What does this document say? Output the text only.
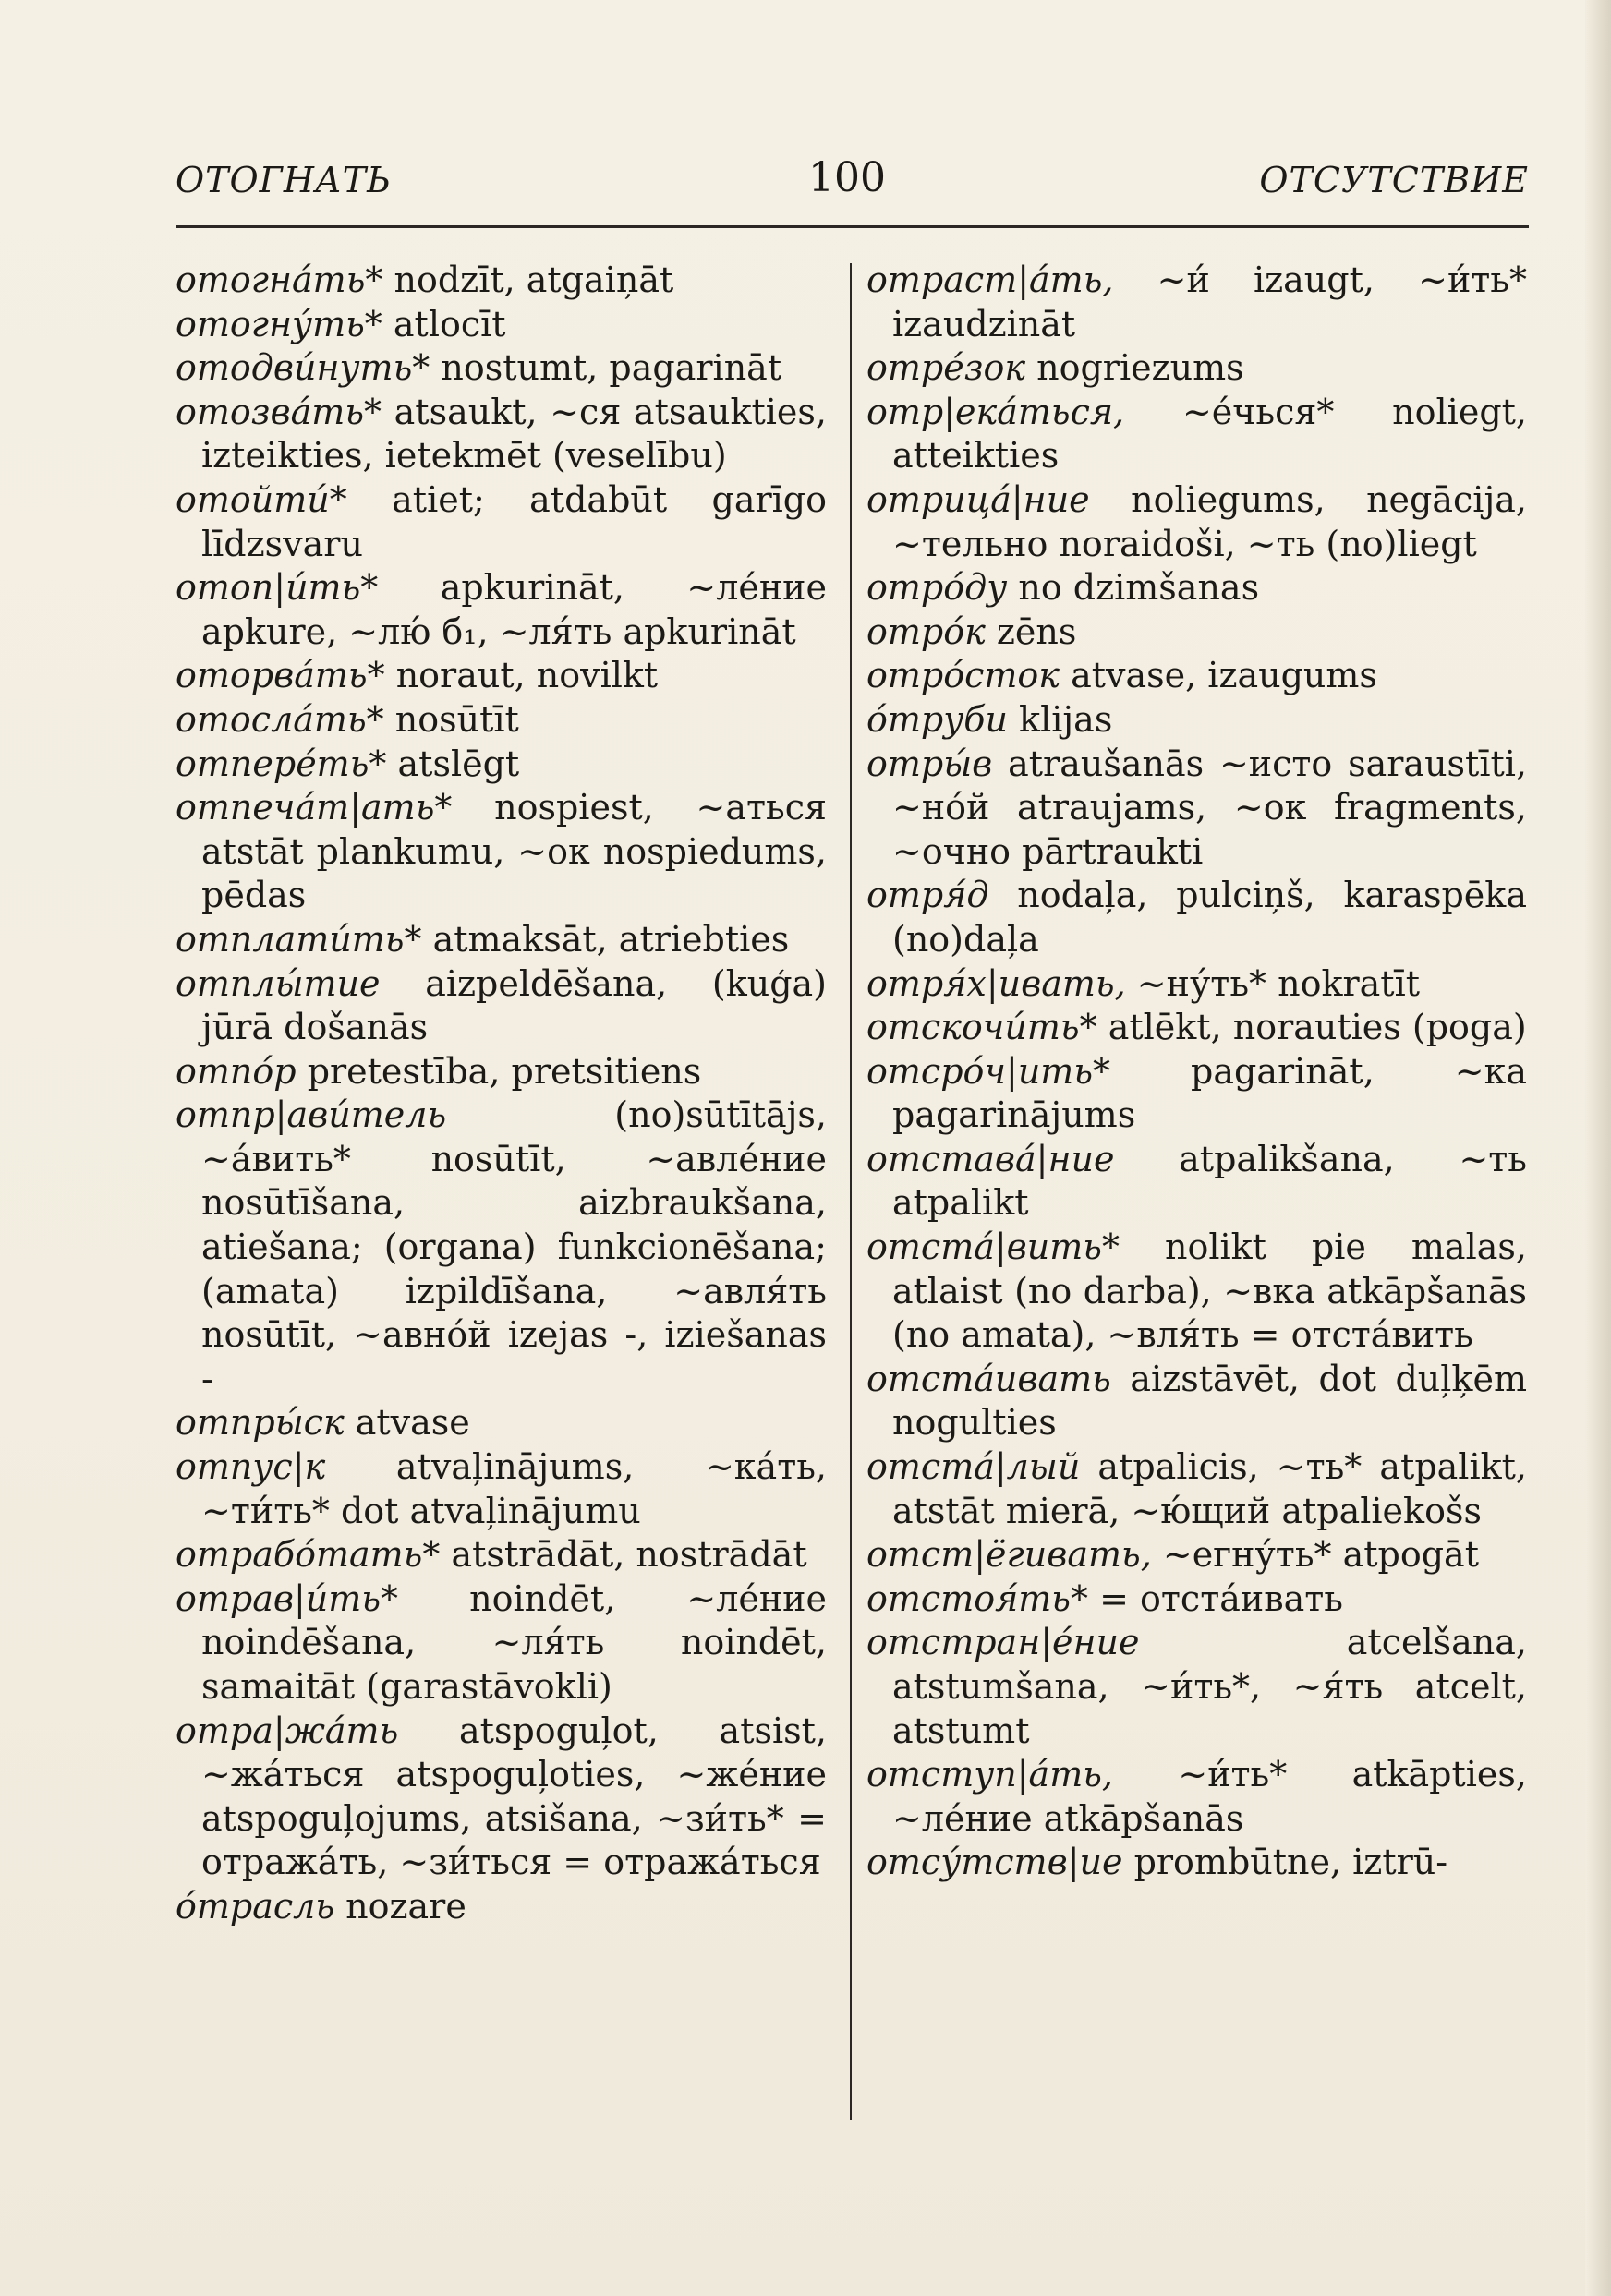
ОТОГНАТЬ	100	ОТСУТСТВИЕ

отогна́ть* nodzīt, atgaiņāt

отогну́ть* atlocīt

отодви́нуть* nostumt, pagarināt

отозва́ть* atsaukt, ~ся atsaukties, izteikties, ietekmēt (veselību)

отойти́* atiet; atdabūt garīgo līdzsvaru

отоп|и́ть* apkurināt, ~ле́ние apkure, ~лю́ б₁, ~ля́ть apkurināt

оторва́ть* noraut, novilkt

отосла́ть* nosūtīt

отпере́ть* atslēgt

отпеча́т|ать* nospiest, ~аться atstāt plankumu, ~ок nospiedums, pēdas

отплати́ть* atmaksāt, atriebties

отплы́тие aizpeldēšana, (kuģa) jūrā došanās

отпо́р pretestība, pretsitiens

отпр|ави́тель	(no)sūtītājs, ~а́вить* nosūtīt, ~авле́ние nosūtīšana, aizbraukšana, atiešana; (organa) funkcionēšana; (amata) izpildīšana, ~авля́ть nosūtīt, ~авно́й izejas -, iziešanas -

отпры́ск atvase

отпус|к atvaļinājums, ~ка́ть, ~ти́ть* dot atvaļinājumu

отрабо́тать* atstrādāt, nostrādāt

отрав|и́ть* noindēt, ~ле́ние noindēšana, ~ля́ть noindēt, samaitāt (garastāvokli)

отра|жа́ть atspoguļot, atsist, ~жа́ться atspoguļoties, ~же́ние atspoguļojums, atsišana, ~зи́ть* = отража́ть, ~зи́ться = отража́ться

о́трасль nozare

отраст|а́ть, ~и́ izaugt, ~и́ть* izaudzināt

отре́зок nogriezums

отр|ека́ться, ~е́чься* noliegt, atteikties

отрица́|ние noliegums, negācija, ~тельно noraidoši, ~ть (no)liegt

отро́ду no dzimšanas

отро́к zēns

отро́сток atvase, izaugums

о́труби klijas

отры́в atraušanās ~исто saraustīti, ~но́й atraujams, ~ок fragments, ~очно pārtraukti

отря́д nodaļa, pulciņš, karaspēka (no)daļa

отря́х|ивать, ~ну́ть* nokratīt

отскочи́ть* atlēkt, norauties (poga)

отсро́ч|ить* pagarināt, ~ка pagarinājums

отстава́|ние atpalikšana, ~ть atpalikt

отста́|вить* nolikt pie malas, atlaist (no darba), ~вка atkāpšanās (no amata), ~вля́ть = отста́вить

отста́ивать aizstāvēt, dot duļķēm nogulties

отста́|лый atpalicis, ~ть* atpalikt, atstāt mierā, ~ю́щий atpaliekošs

отст|ёгивать, ~егну́ть* atpogāt

отстоя́ть* = отста́ивать

отстран|е́ние	atcelšana, atstumšana, ~и́ть*, ~я́ть atcelt, atstumt

отступ|а́ть, ~и́ть* atkāpties, ~ле́ние atkāpšanās

отсу́тств|ие prombūtne, iztrū-
